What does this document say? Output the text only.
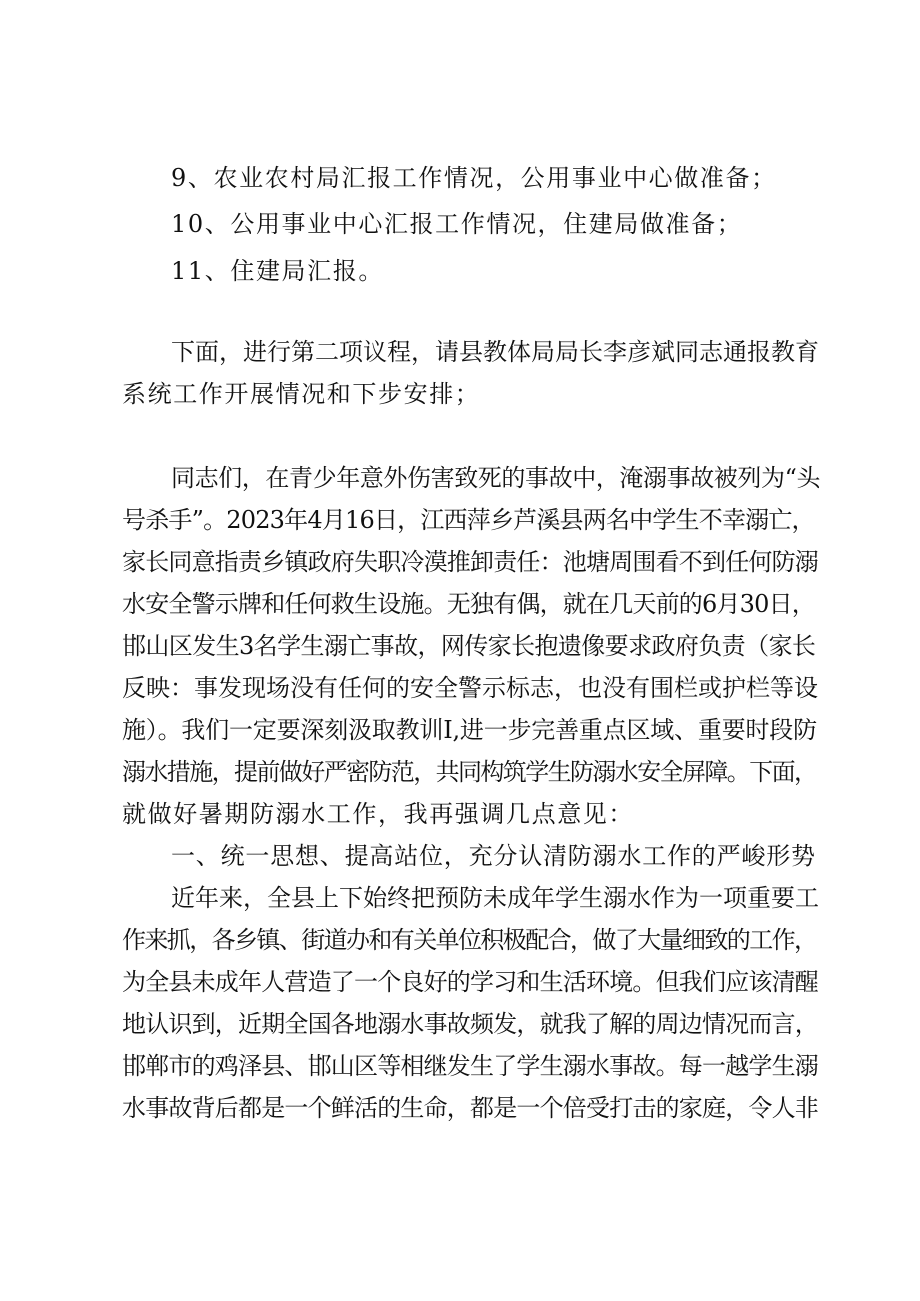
9、农业农村局汇报工作情况，公用事业中心做准备；
10、公用事业中心汇报工作情况，住建局做准备；
11、住建局汇报。
下面，进行第二项议程，请县教体局局长李彦斌同志通报教育
系统工作开展情况和下步安排；
同志们，在青少年意外伤害致死的事故中，淹溺事故被列为“头
号杀手”。2023年4月16日，江西萍乡芦溪县两名中学生不幸溺亡，
家长同意指责乡镇政府失职冷漠推卸责任：池塘周围看不到任何防溺
水安全警示牌和任何救生设施。无独有偶，就在几天前的6月30日，
邯山区发生3名学生溺亡事故，网传家长抱遗像要求政府负责（家长
反映：事发现场没有任何的安全警示标志，也没有围栏或护栏等设
施）。我们一定要深刻汲取教训I,进一步完善重点区域、重要时段防
溺水措施，提前做好严密防范，共同构筑学生防溺水安全屏障。下面，
就做好暑期防溺水工作，我再强调几点意见：
一、统一思想、提高站位，充分认清防溺水工作的严峻形势
近年来，全县上下始终把预防未成年学生溺水作为一项重要工
作来抓，各乡镇、街道办和有关单位积极配合，做了大量细致的工作，
为全县未成年人营造了一个良好的学习和生活环境。但我们应该清醒
地认识到，近期全国各地溺水事故频发，就我了解的周边情况而言，
邯郸市的鸡泽县、邯山区等相继发生了学生溺水事故。每一越学生溺
水事故背后都是一个鲜活的生命，都是一个倍受打击的家庭，令人非
